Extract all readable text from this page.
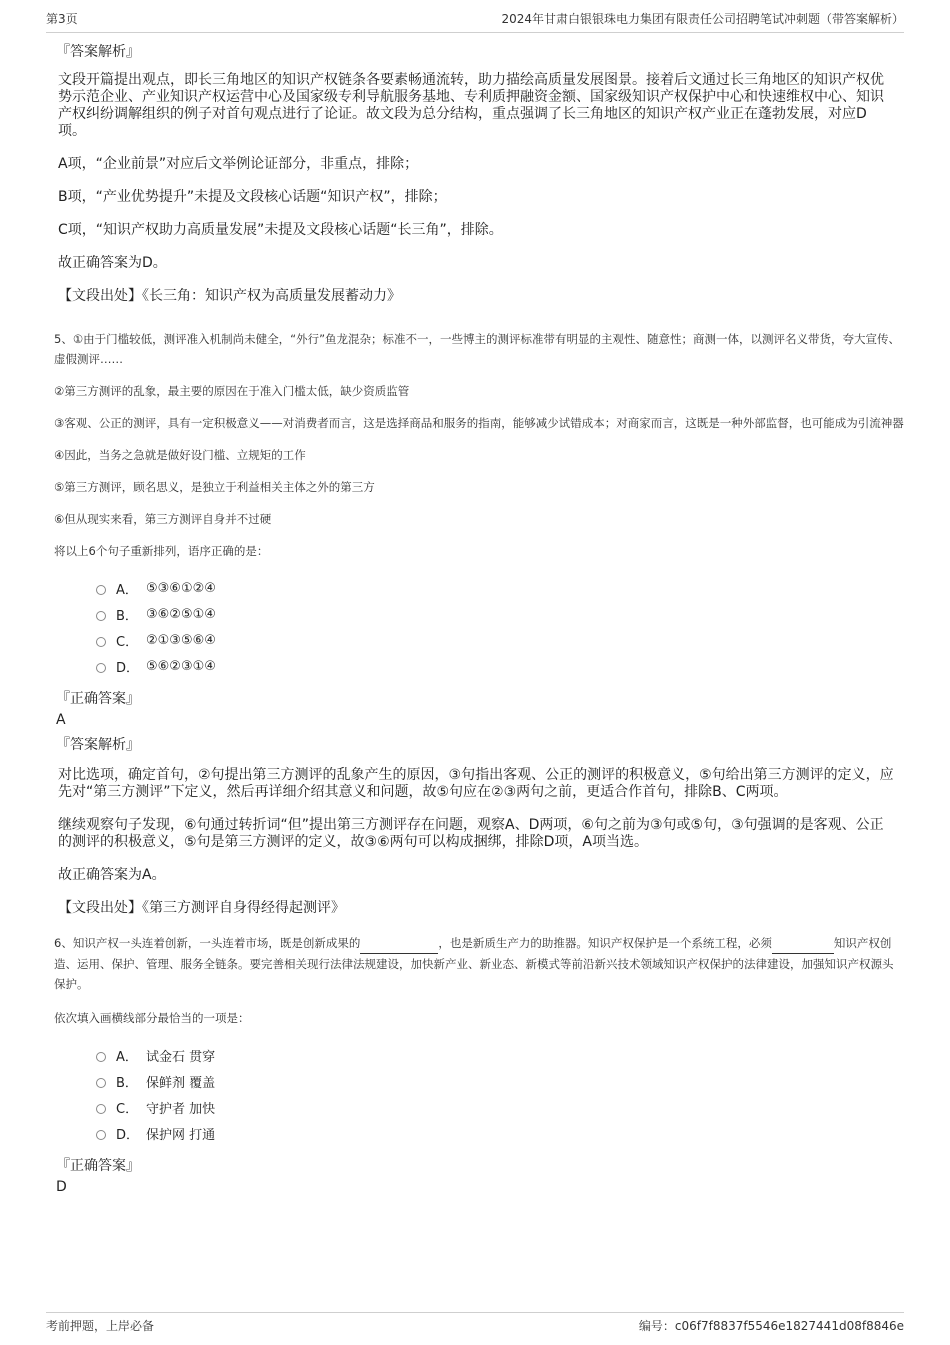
第3页	2024年甘肃白银银珠电力集团有限责任公司招聘笔试冲刺题（带答案解析）
『答案解析』
文段开篇提出观点，即长三角地区的知识产权链条各要素畅通流转，助力描绘高质量发展图景。接着后文通过长三角地区的知识产权优势示范企业、产业知识产权运营中心及国家级专利导航服务基地、专利质押融资金额、国家级知识产权保护中心和快速维权中心、知识产权纠纷调解组织的例子对首句观点进行了论证。故文段为总分结构，重点强调了长三角地区的知识产权产业正在蓬勃发展，对应D项。
A项，“企业前景”对应后文举例论证部分，非重点，排除；
B项，“产业优势提升”未提及文段核心话题“知识产权”，排除；
C项，“知识产权助力高质量发展”未提及文段核心话题“长三角”，排除。
故正确答案为D。
【文段出处】《长三角：知识产权为高质量发展蓄动力》
5、①由于门槛较低，测评准入机制尚未健全，“外行”鱼龙混杂；标准不一，一些博主的测评标准带有明显的主观性、随意性；商测一体，以测评名义带货，夸大宣传、虚假测评……
②第三方测评的乱象，最主要的原因在于准入门槛太低，缺少资质监管
③客观、公正的测评，具有一定积极意义——对消费者而言，这是选择商品和服务的指南，能够减少试错成本；对商家而言，这既是一种外部监督，也可能成为引流神器
④因此，当务之急就是做好设门槛、立规矩的工作
⑤第三方测评，顾名思义，是独立于利益相关主体之外的第三方
⑥但从现实来看，第三方测评自身并不过硬
将以上6个句子重新排列，语序正确的是：
A． ⑤③⑥①②④
B． ③⑥②⑤①④
C． ②①③⑤⑥④
D． ⑤⑥②③①④
『正确答案』
A
『答案解析』
对比选项，确定首句，②句提出第三方测评的乱象产生的原因，③句指出客观、公正的测评的积极意义，⑤句给出第三方测评的定义，应先对“第三方测评”下定义，然后再详细介绍其意义和问题，故⑤句应在②③两句之前，更适合作首句，排除B、C两项。
继续观察句子发现，⑥句通过转折词“但”提出第三方测评存在问题，观察A、D两项，⑥句之前为③句或⑤句，③句强调的是客观、公正的测评的积极意义，⑤句是第三方测评的定义，故③⑥两句可以构成捆绑，排除D项，A项当选。
故正确答案为A。
【文段出处】《第三方测评自身得经得起测评》
6、知识产权一头连着创新，一头连着市场，既是创新成果的	，也是新质生产力的助推器。知识产权保护是一个系统工程，必须	知识产权创造、运用、保护、管理、服务全链条。要完善相关现行法律法规建设，加快新产业、新业态、新模式等前沿新兴技术领域知识产权保护的法律建设，加强知识产权源头保护。
依次填入画横线部分最恰当的一项是：
A． 试金石 贯穿
B． 保鲜剂 覆盖
C． 守护者 加快
D． 保护网 打通
『正确答案』
D
考前押题，上岸必备	编号：c06f7f8837f5546e1827441d08f8846e
